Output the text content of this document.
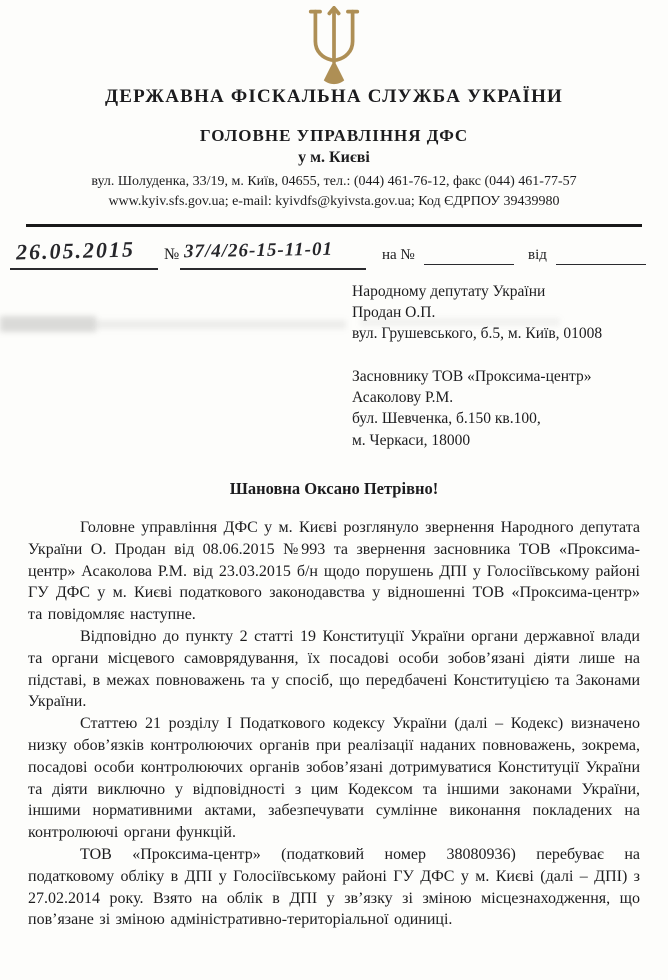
ДЕРЖАВНА ФІСКАЛЬНА СЛУЖБА УКРАЇНИ
ГОЛОВНЕ УПРАВЛІННЯ ДФС
у м. Києві
вул. Шолуденка, 33/19, м. Київ, 04655, тел.: (044) 461-76-12, факс (044) 461-77-57
www.kyiv.sfs.gov.ua; e-mail: kyivdfs@kyivsta.gov.ua; Код ЄДРПОУ 39439980
26.05.2015 № 37/4/26-15-11-01	на №	від
Народному депутату України
Продан О.П.
вул. Грушевського, б.5, м. Київ, 01008
Засновнику ТОВ «Проксима-центр»
Асаколову Р.М.
бул. Шевченка, б.150 кв.100,
м. Черкаси, 18000
Шановна Оксано Петрівно!

Головне управління ДФС у м. Києві розглянуло звернення Народного депутата України О. Продан від 08.06.2015 №993 та звернення засновника ТОВ «Проксима-центр» Асаколова Р.М. від 23.03.2015 б/н щодо порушень ДПІ у Голосіївському районі ГУ ДФС у м. Києві податкового законодавства у відношенні ТОВ «Проксима-центр» та повідомляє наступне.

Відповідно до пункту 2 статті 19 Конституції України органи державної влади та органи місцевого самоврядування, їх посадові особи зобов’язані діяти лише на підставі, в межах повноважень та у спосіб, що передбачені Конституцією та Законами України.

Статтею 21 розділу І Податкового кодексу України (далі – Кодекс) визначено низку обов’язків контролюючих органів при реалізації наданих повноважень, зокрема, посадові особи контролюючих органів зобов’язані дотримуватися Конституції України та діяти виключно у відповідності з цим Кодексом та іншими законами України, іншими нормативними актами, забезпечувати сумлінне виконання покладених на контролюючі органи функцій.

ТОВ «Проксима-центр» (податковий номер 38080936) перебуває на податковому обліку в ДПІ у Голосіївському районі ГУ ДФС у м. Києві (далі – ДПІ) з 27.02.2014 року. Взято на облік в ДПІ у зв’язку зі зміною місцезнаходження, що пов’язане зі зміною адміністративно-територіальної одиниці.
